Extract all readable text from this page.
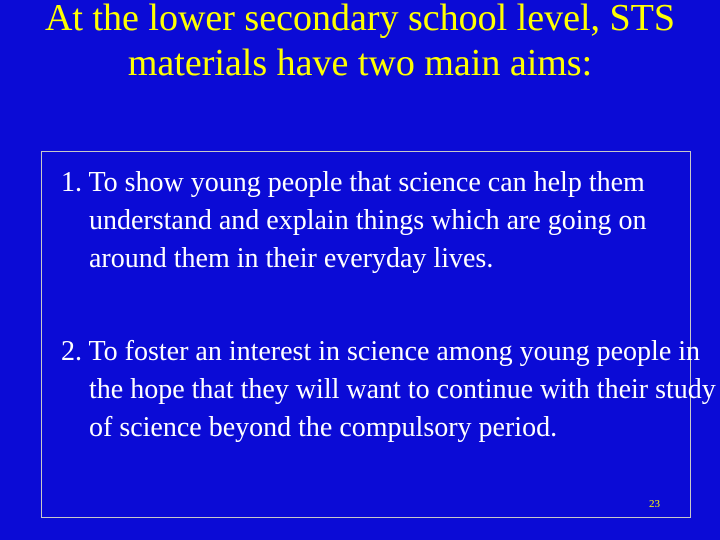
At the lower secondary school level, STS materials have two main aims:
1. To show young people that science can help them understand and explain things which are going on around them in their everyday lives.
2. To foster an interest in science among young people in the hope that they will want to continue with their study of science beyond the compulsory period.
23
